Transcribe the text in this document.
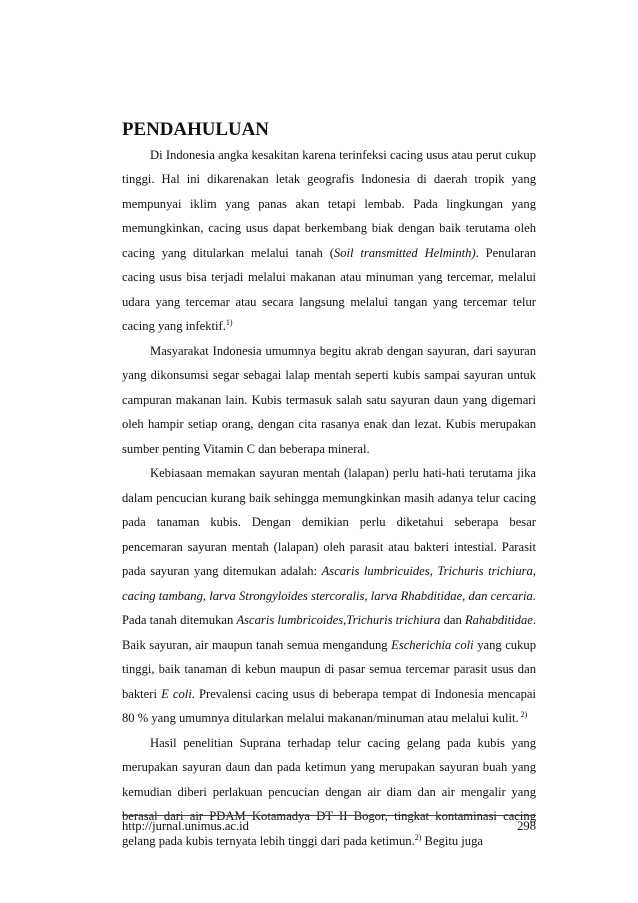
PENDAHULUAN

Di Indonesia angka kesakitan karena terinfeksi cacing usus atau perut cukup tinggi. Hal ini dikarenakan letak geografis Indonesia di daerah tropik yang mempunyai iklim yang panas akan tetapi lembab. Pada lingkungan yang memungkinkan, cacing usus dapat berkembang biak dengan baik terutama oleh cacing yang ditularkan melalui tanah (Soil transmitted Helminth). Penularan cacing usus bisa terjadi melalui makanan atau minuman yang tercemar, melalui udara yang tercemar atau secara langsung melalui tangan yang tercemar telur cacing yang infektif.$^{1)}$

Masyarakat Indonesia umumnya begitu akrab dengan sayuran, dari sayuran yang dikonsumsi segar sebagai lalap mentah seperti kubis sampai sayuran untuk campuran makanan lain. Kubis termasuk salah satu sayuran daun yang digemari oleh hampir setiap orang, dengan cita rasanya enak dan lezat. Kubis merupakan sumber penting Vitamin C dan beberapa mineral.

Kebiasaan memakan sayuran mentah (lalapan) perlu hati-hati terutama jika dalam pencucian kurang baik sehingga memungkinkan masih adanya telur cacing pada tanaman kubis. Dengan demikian perlu diketahui seberapa besar pencemaran sayuran mentah (lalapan) oleh parasit atau bakteri intestial. Parasit pada sayuran yang ditemukan adalah: Ascaris lumbricuides, Trichuris trichiura, cacing tambang, larva Strongyloides stercoralis, larva Rhabditidae, dan cercaria. Pada tanah ditemukan Ascaris lumbricoides,Trichuris trichiura dan Rahabditidae. Baik sayuran, air maupun tanah semua mengandung Escherichia coli yang cukup tinggi, baik tanaman di kebun maupun di pasar semua tercemar parasit usus dan bakteri E coli. Prevalensi cacing usus di beberapa tempat di Indonesia mencapai 80 % yang umumnya ditularkan melalui makanan/minuman atau melalui kulit. $^{2)}$

Hasil penelitian Suprana terhadap telur cacing gelang pada kubis yang merupakan sayuran daun dan pada ketimun yang merupakan sayuran buah yang kemudian diberi perlakuan pencucian dengan air diam dan air mengalir yang berasal dari air PDAM Kotamadya DT II Bogor, tingkat kontaminasi cacing gelang pada kubis ternyata lebih tinggi dari pada ketimun.$^{2)}$ Begitu juga

http://jurnal.unimus.ac.id	298
